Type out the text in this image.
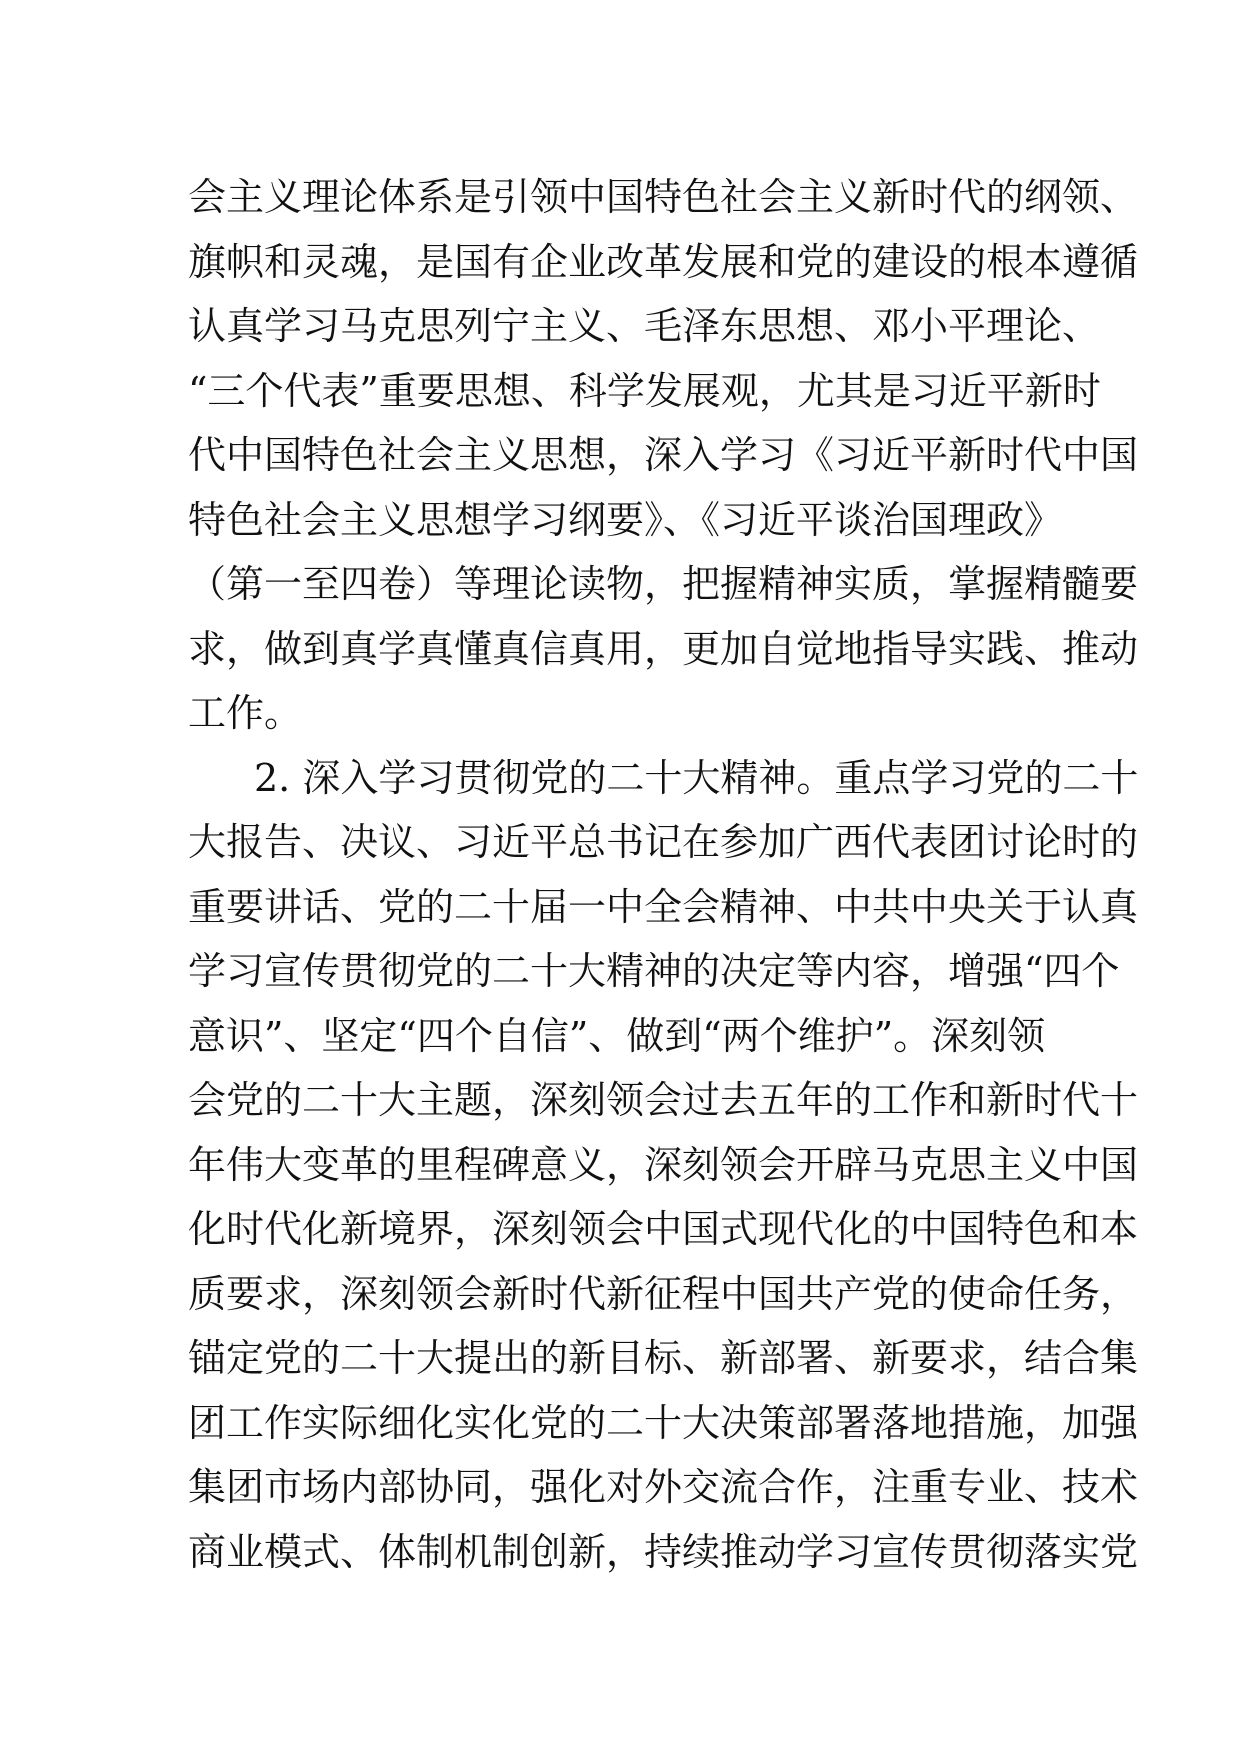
会主义理论体系是引领中国特色社会主义新时代的纲领、
旗帜和灵魂，是国有企业改革发展和党的建设的根本遵循
认真学习马克思列宁主义、毛泽东思想、邓小平理论、
“三个代表”重要思想、科学发展观，尤其是习近平新时
代中国特色社会主义思想，深入学习《习近平新时代中国
特色社会主义思想学习纲要》、《习近平谈治国理政》
（第一至四卷）等理论读物，把握精神实质，掌握精髓要
求，做到真学真懂真信真用，更加自觉地指导实践、推动
工作。
2. 深入学习贯彻党的二十大精神。重点学习党的二十
大报告、决议、习近平总书记在参加广西代表团讨论时的
重要讲话、党的二十届一中全会精神、中共中央关于认真
学习宣传贯彻党的二十大精神的决定等内容，增强“四个
意识”、坚定“四个自信”、做到“两个维护”。深刻领
会党的二十大主题，深刻领会过去五年的工作和新时代十
年伟大变革的里程碑意义，深刻领会开辟马克思主义中国
化时代化新境界，深刻领会中国式现代化的中国特色和本
质要求，深刻领会新时代新征程中国共产党的使命任务，
锚定党的二十大提出的新目标、新部署、新要求，结合集
团工作实际细化实化党的二十大决策部署落地措施，加强
集团市场内部协同，强化对外交流合作，注重专业、技术
商业模式、体制机制创新，持续推动学习宣传贯彻落实党
